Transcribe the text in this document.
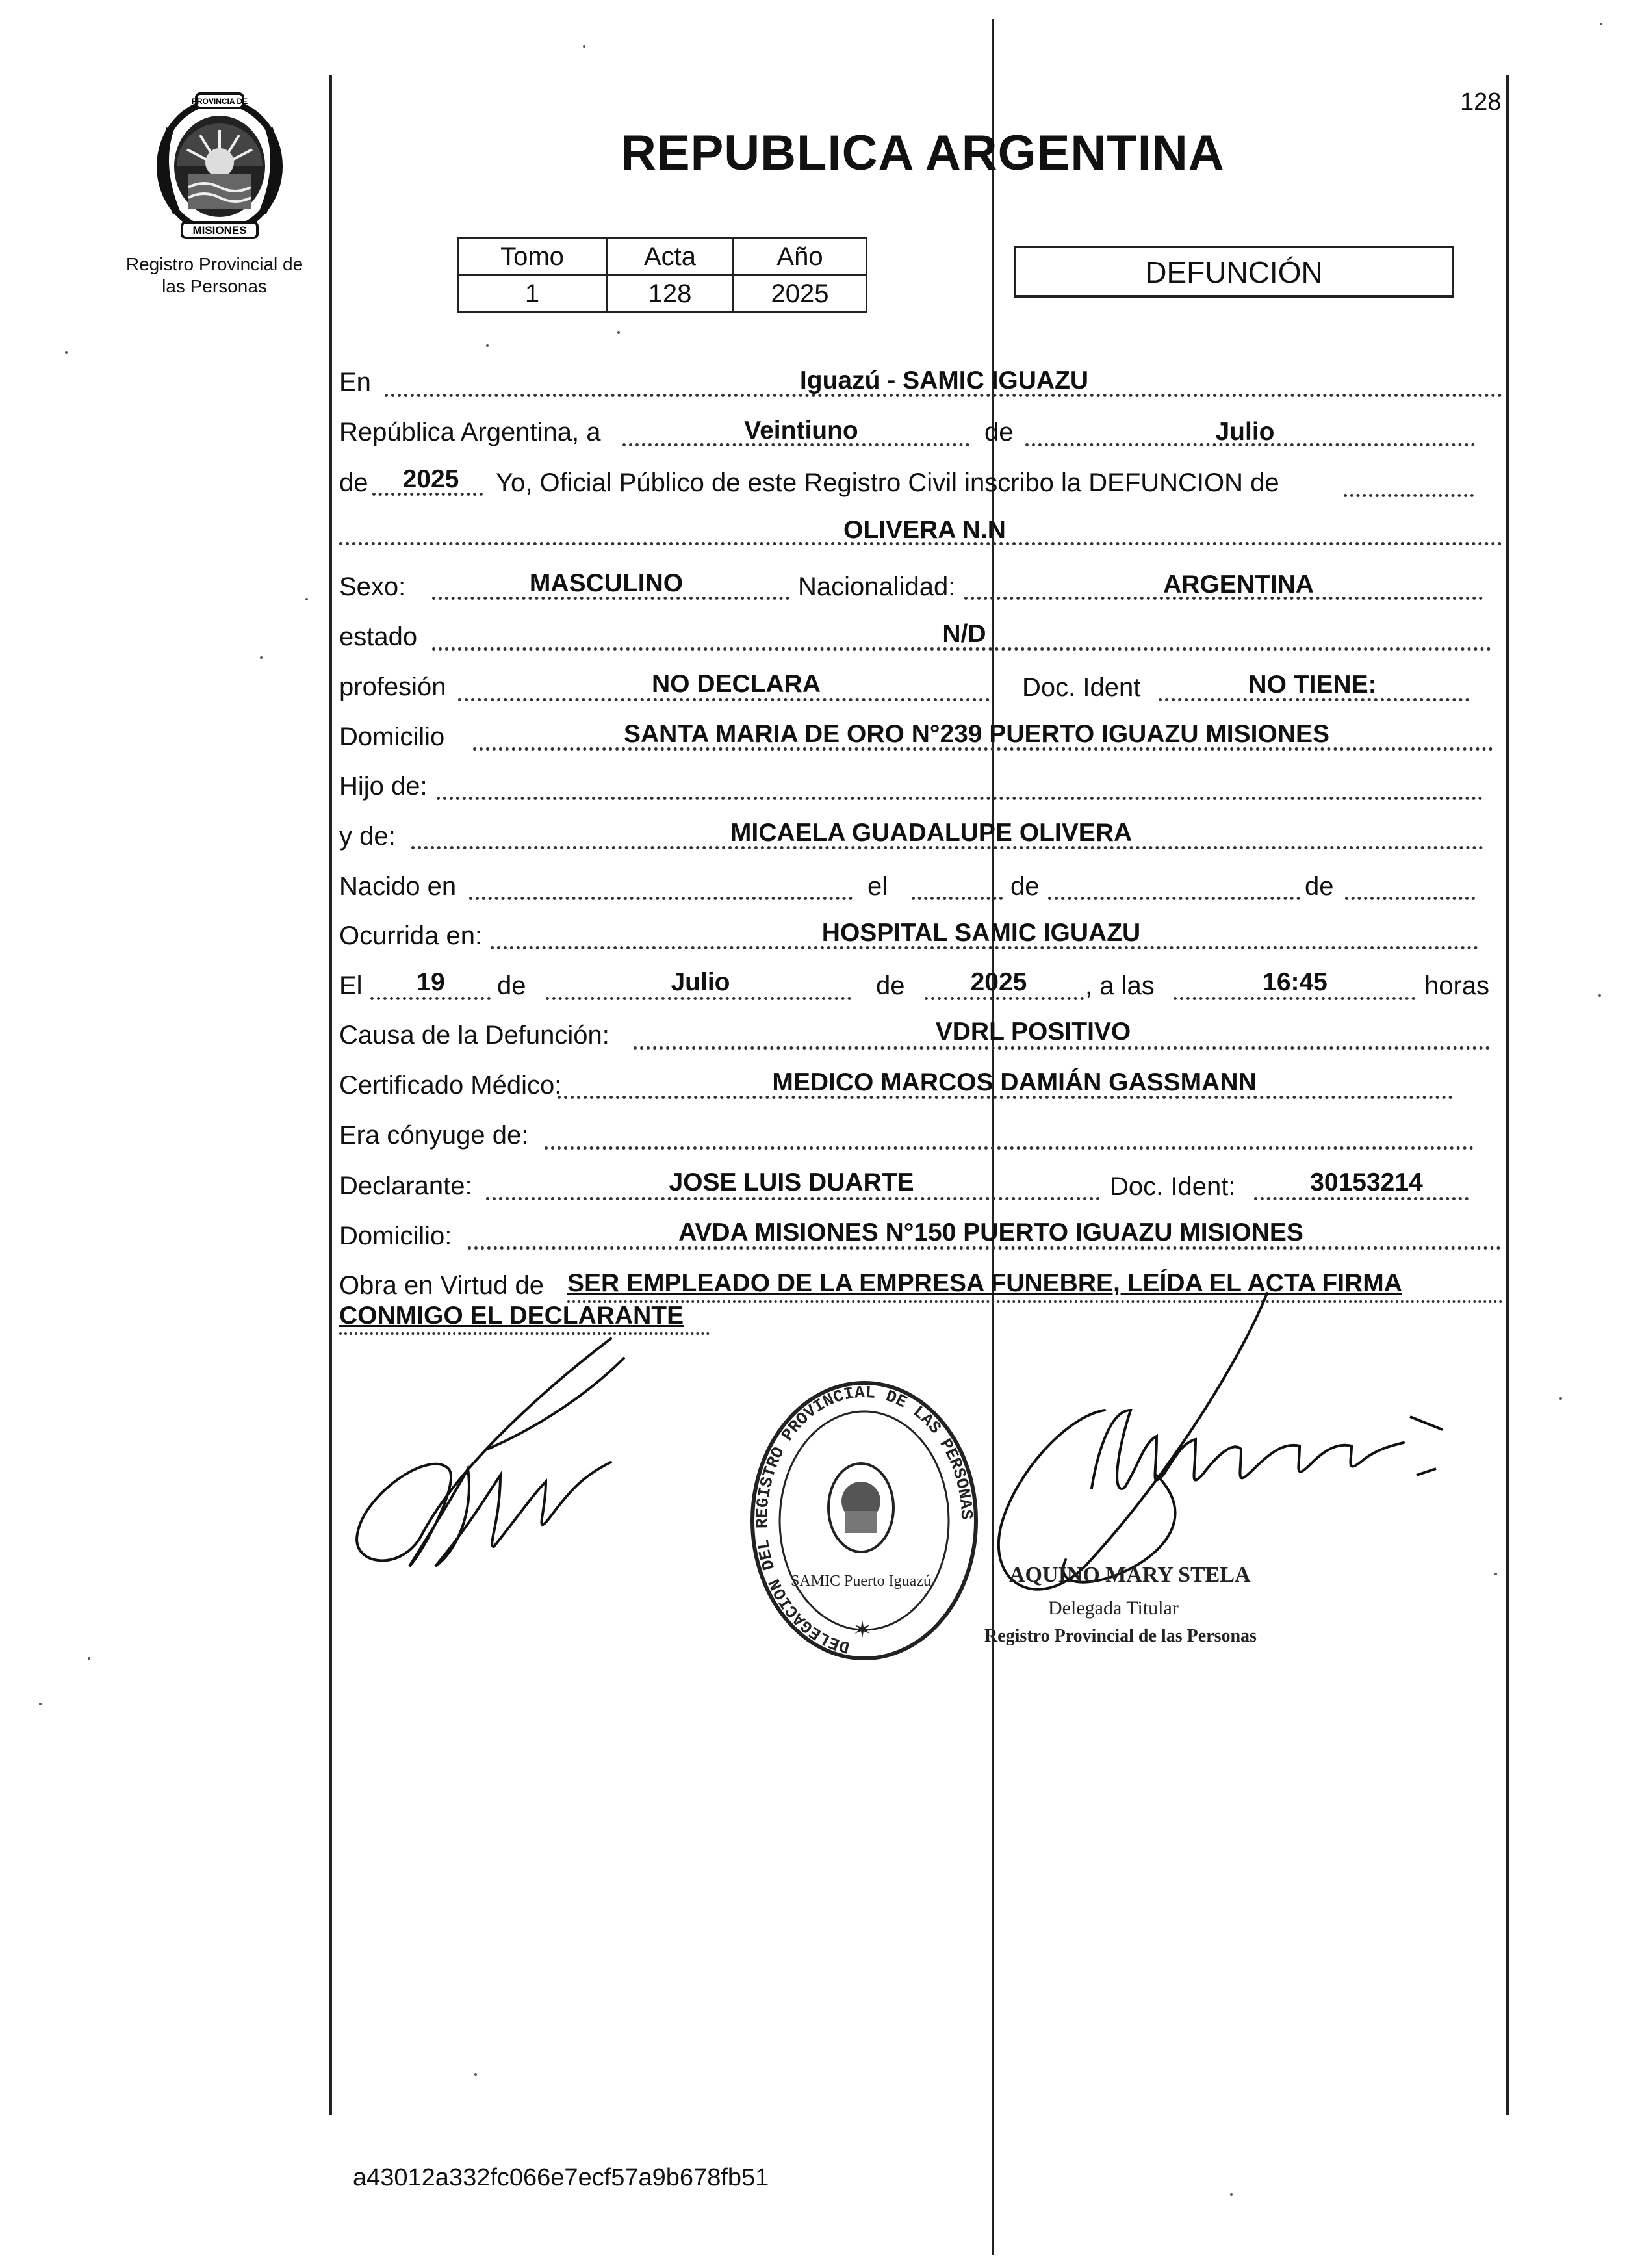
PROVINCIA DE
MISIONES
Registro Provincial de
las Personas
128
REPUBLICA ARGENTINA
Tomo	Acta	Año
1	128	2025
DEFUNCIÓN
En	Iguazú - SAMIC IGUAZU
República Argentina, a	Veintiuno	de	Julio
de 2025 Yo, Oficial Público de este Registro Civil inscribo la DEFUNCION de
OLIVERA N.N
Sexo:	MASCULINO	Nacionalidad:	ARGENTINA
estado	N/D
profesión	NO DECLARA	Doc. Ident	NO TIENE:
Domicilio	SANTA MARIA DE ORO N°239 PUERTO IGUAZU MISIONES
Hijo de:
y de:	MICAELA GUADALUPE OLIVERA
Nacido en	el	de	de
Ocurrida en:	HOSPITAL SAMIC IGUAZU
El 19 de	Julio	de	2025 , a las	16:45	horas
Causa de la Defunción:	VDRL POSITIVO
Certificado Médico:	MEDICO MARCOS DAMIÁN GASSMANN
Era cónyuge de:
Declarante:	JOSE LUIS DUARTE	Doc. Ident:	30153214
Domicilio:	AVDA MISIONES N°150 PUERTO IGUAZU MISIONES
Obra en Virtud de SER EMPLEADO DE LA EMPRESA FUNEBRE, LEÍDA EL ACTA FIRMA
CONMIGO EL DECLARANTE
DELEGACION DEL REGISTRO PROVINCIAL DE LAS PERSONAS
SAMIC Puerto Iguazú
✶
AQUINO MARY STELA
Delegada Titular
Registro Provincial de las Personas
a43012a332fc066e7ecf57a9b678fb51
